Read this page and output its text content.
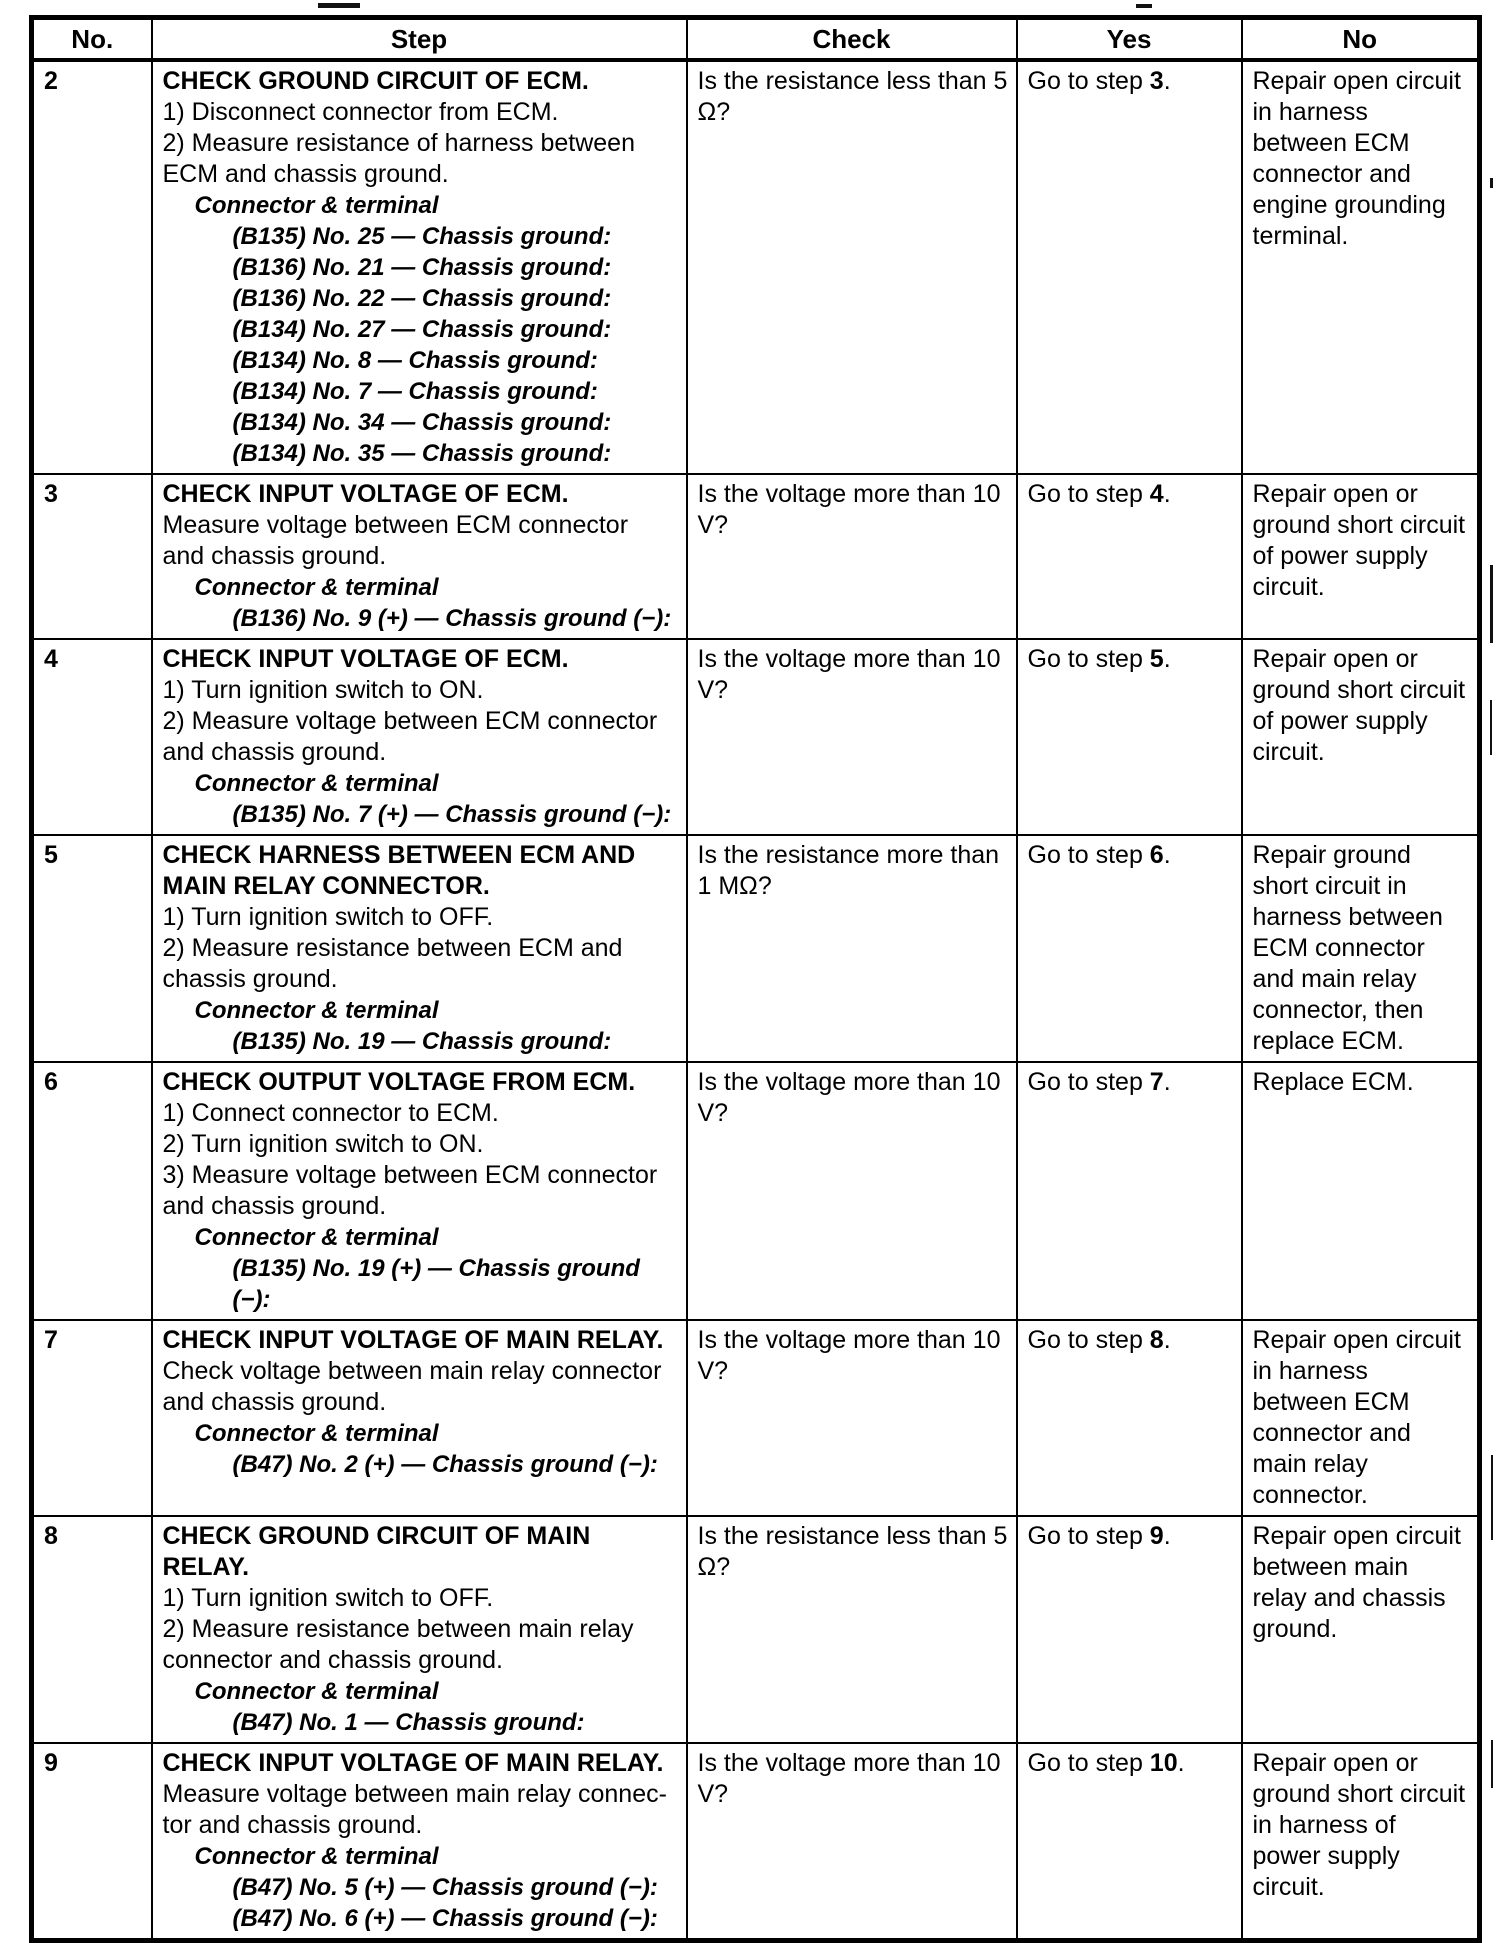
No.	Step	Check	Yes	No
2	CHECK GROUND CIRCUIT OF ECM.
1) Disconnect connector from ECM.
2) Measure resistance of harness between
ECM and chassis ground.
Connector & terminal
(B135) No. 25 — Chassis ground:
(B136) No. 21 — Chassis ground:
(B136) No. 22 — Chassis ground:
(B134) No. 27 — Chassis ground:
(B134) No. 8 — Chassis ground:
(B134) No. 7 — Chassis ground:
(B134) No. 34 — Chassis ground:
(B134) No. 35 — Chassis ground:
	Is the resistance less than 5 Ω?	Go to step 3.	Repair open circuit in harness between ECM connector and engine grounding terminal.
3	CHECK INPUT VOLTAGE OF ECM.
Measure voltage between ECM connector
and chassis ground.
Connector & terminal
(B136) No. 9 (+) — Chassis ground (−):	Is the voltage more than 10 V?	Go to step 4.	Repair open or ground short circuit of power supply circuit.
4	CHECK INPUT VOLTAGE OF ECM.
1) Turn ignition switch to ON.
2) Measure voltage between ECM connector
and chassis ground.
Connector & terminal
(B135) No. 7 (+) — Chassis ground (−):
	Is the voltage more than 10 V?	Go to step 5.	Repair open or ground short circuit of power supply circuit.
5	CHECK HARNESS BETWEEN ECM AND
MAIN RELAY CONNECTOR.
1) Turn ignition switch to OFF.
2) Measure resistance between ECM and
chassis ground.
Connector & terminal
(B135) No. 19 — Chassis ground:
	Is the resistance more than 1 MΩ?	Go to step 6.	Repair ground short circuit in harness between ECM connector and main relay connector, then replace ECM.
6	CHECK OUTPUT VOLTAGE FROM ECM.
1) Connect connector to ECM.
2) Turn ignition switch to ON.
3) Measure voltage between ECM connector
and chassis ground.
Connector & terminal
(B135) No. 19 (+) — Chassis ground
(−):
	Is the voltage more than 10 V?	Go to step 7.	Replace ECM.
7	CHECK INPUT VOLTAGE OF MAIN RELAY.
Check voltage between main relay connector
and chassis ground.
Connector & terminal
(B47) No. 2 (+) — Chassis ground (−):	Is the voltage more than 10 V?	Go to step 8.	Repair open circuit in harness between ECM connector and main relay connector.
8	CHECK GROUND CIRCUIT OF MAIN
RELAY.
1) Turn ignition switch to OFF.
2) Measure resistance between main relay
connector and chassis ground.
Connector & terminal
(B47) No. 1 — Chassis ground:
	Is the resistance less than 5 Ω?	Go to step 9.	Repair open circuit between main relay and chassis ground.
9	CHECK INPUT VOLTAGE OF MAIN RELAY.
Measure voltage between main relay connec-
tor and chassis ground.
Connector & terminal
(B47) No. 5 (+) — Chassis ground (−):
(B47) No. 6 (+) — Chassis ground (−):
	Is the voltage more than 10 V?	Go to step 10.	Repair open or ground short circuit in harness of power supply circuit.
